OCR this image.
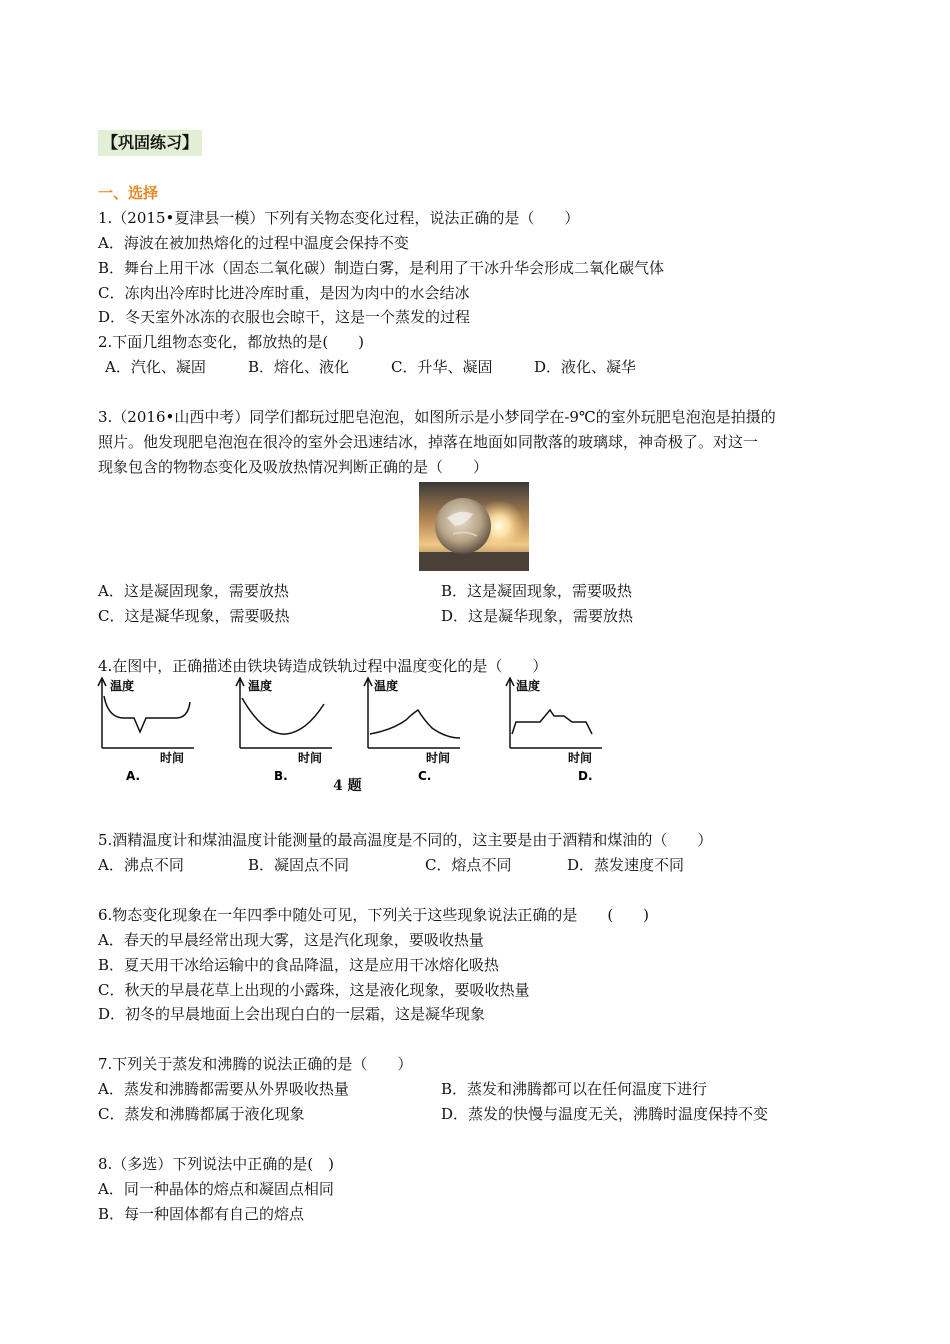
【巩固练习】
一、选择
1.（2015•夏津县一模）下列有关物态变化过程，说法正确的是（　　）
A．海波在被加热熔化的过程中温度会保持不变
B．舞台上用干冰（固态二氧化碳）制造白雾，是利用了干冰升华会形成二氧化碳气体
C．冻肉出冷库时比进冷库时重，是因为肉中的水会结冰
D．冬天室外冰冻的衣服也会晾干，这是一个蒸发的过程
2.下面几组物态变化，都放热的是(　　)
A．汽化、凝固	B．熔化、液化	C．升华、凝固	D．液化、凝华
3.（2016•山西中考）同学们都玩过肥皂泡泡，如图所示是小梦同学在-9℃的室外玩肥皂泡泡是拍摄的
照片。他发现肥皂泡泡在很冷的室外会迅速结冰，掉落在地面如同散落的玻璃球，神奇极了。对这一
现象包含的物物态变化及吸放热情况判断正确的是（　　）
A．这是凝固现象，需要放热	B．这是凝固现象，需要吸热
C．这是凝华现象，需要吸热	D．这是凝华现象，需要放热
4.在图中，正确描述由铁块铸造成铁轨过程中温度变化的是（　　）
温度
时间
A.
温度
时间
B.
温度
时间
C.
温度
时间
D.
4 题
5.酒精温度计和煤油温度计能测量的最高温度是不同的，这主要是由于酒精和煤油的（　　）
A．沸点不同	B．凝固点不同	C．熔点不同	D．蒸发速度不同
6.物态变化现象在一年四季中随处可见，下列关于这些现象说法正确的是　　(　　)
A．春天的早晨经常出现大雾，这是汽化现象，要吸收热量
B．夏天用干冰给运输中的食品降温，这是应用干冰熔化吸热
C．秋天的早晨花草上出现的小露珠，这是液化现象，要吸收热量
D．初冬的早晨地面上会出现白白的一层霜，这是凝华现象
7.下列关于蒸发和沸腾的说法正确的是（　　）
A．蒸发和沸腾都需要从外界吸收热量	B．蒸发和沸腾都可以在任何温度下进行
C．蒸发和沸腾都属于液化现象	D．蒸发的快慢与温度无关，沸腾时温度保持不变
8.（多选）下列说法中正确的是(　)
A．同一种晶体的熔点和凝固点相同
B．每一种固体都有自己的熔点
